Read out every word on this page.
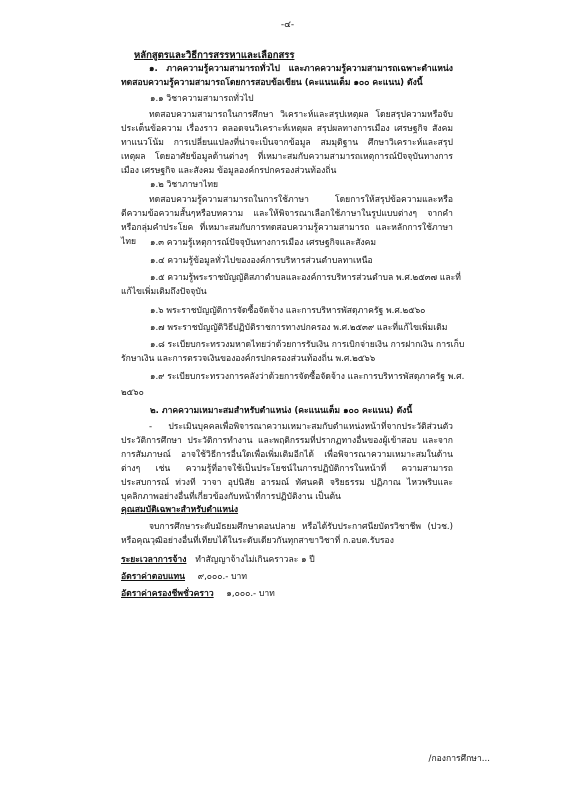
-๔-
หลักสูตรและวิธีการสรรหาและเลือกสรร
๑. ภาคความรู้ความสามารถทั่วไป และภาคความรู้ความสามารถเฉพาะตำแหน่ง ทดสอบความรู้ความสามารถโดยการสอบข้อเขียน (คะแนนเต็ม ๑๐๐ คะแนน) ดังนี้
๑.๑ วิชาความสามารถทั่วไป
ทดสอบความสามารถในการศึกษา วิเคราะห์และสรุปเหตุผล โดยสรุปความหรือจับประเด็นข้อความ เรื่องราว ตลอดจนวิเคราะห์เหตุผล สรุปผลทางการเมือง เศรษฐกิจ สังคม ทาแนวโน้ม การเปลี่ยนแปลงที่น่าจะเป็นจากข้อมูล สมมุติฐาน ศึกษาวิเคราะห์และสรุปเหตุผล โดยอาศัยข้อมูลด้านต่างๆ ที่เหมาะสมกับความสามารถเหตุการณ์ปัจจุบันทางการเมือง เศรษฐกิจ และสังคม ข้อมูลองค์กรปกครองส่วนท้องถิ่น
๑.๒ วิชาภาษาไทย
ทดสอบความรู้ความสามารถในการใช้ภาษา โดยการให้สรุปข้อความและหรือตีความข้อความสั้นๆหรือบทความ และให้พิจารณาเลือกใช้ภาษาในรูปแบบต่างๆ จากคำหรือกลุ่มคำประโยค ที่เหมาะสมกับการทดสอบความรู้ความสามารถ และหลักการใช้ภาษาไทย	๑.๓ ความรู้เหตุการณ์ปัจจุบันทางการเมือง เศรษฐกิจและสังคม
๑.๔ ความรู้ข้อมูลทั่วไปขององค์การบริหารส่วนตำบลทาเหนือ
๑.๕ ความรู้พระราชบัญญัติสภาตำบลและองค์การบริหารส่วนตำบล พ.ศ.๒๕๓๗ และที่
แก้ไขเพิ่มเติมถึงปัจจุบัน
๑.๖ พระราชบัญญัติการจัดซื้อจัดจ้าง และการบริหารพัสดุภาครัฐ พ.ศ.๒๕๖๐
๑.๗ พระราชบัญญัติวิธีปฏิบัติราชการทางปกครอง พ.ศ.๒๕๓๙ และที่แก้ไขเพิ่มเติม
๑.๘ ระเบียบกระทรวงมหาดไทยว่าด้วยการรับเงิน การเบิกจ่ายเงิน การฝากเงิน การเก็บ
รักษาเงิน และการตรวจเงินขององค์กรปกครองส่วนท้องถิ่น พ.ศ.๒๕๖๖
๑.๙ ระเบียบกระทรวงการคลังว่าด้วยการจัดซื้อจัดจ้าง และการบริหารพัสดุภาครัฐ พ.ศ.
๒๕๖๐
๒. ภาคความเหมาะสมสำหรับตำแหน่ง (คะแนนเต็ม ๑๐๐ คะแนน) ดังนี้
- ประเมินบุคคลเพื่อพิจารณาความเหมาะสมกับตำแหน่งหน้าที่จากประวัติส่วนตัว ประวัติการศึกษา ประวัติการทำงาน และพฤติกรรมที่ปรากฏทางอื่นของผู้เข้าสอบ และจากการสัมภาษณ์ อาจใช้วิธีการอื่นใดเพื่อเพิ่มเติมอีกได้ เพื่อพิจารณาความเหมาะสมในด้านต่างๆ เช่น ความรู้ที่อาจใช้เป็นประโยชน์ในการปฏิบัติการในหน้าที่ ความสามารถ ประสบการณ์ ท่วงที วาจา อุปนิสัย อารมณ์ ทัศนคติ จริยธรรม ปฏิภาณ ไหวพริบและบุคลิกภาพอย่างอื่นที่เกี่ยวข้องกับหน้าที่การปฏิบัติงาน เป็นต้น
คุณสมบัติเฉพาะสำหรับตำแหน่ง
จบการศึกษาระดับมัธยมศึกษาตอนปลาย หรือได้รับประกาศนียบัตรวิชาชีพ (ปวช.) หรือคุณวุฒิอย่างอื่นที่เทียบได้ในระดับเดียวกันทุกสาขาวิชาที่ ก.อบต.รับรอง
ระยะเวลาการจ้าง ทำสัญญาจ้างไม่เกินคราวละ ๑ ปี
อัตราค่าตอบแทน ๙,๐๐๐.- บาท
อัตราค่าครองชีพชั่วคราว ๑,๐๐๐.- บาท
/กองการศึกษา...
